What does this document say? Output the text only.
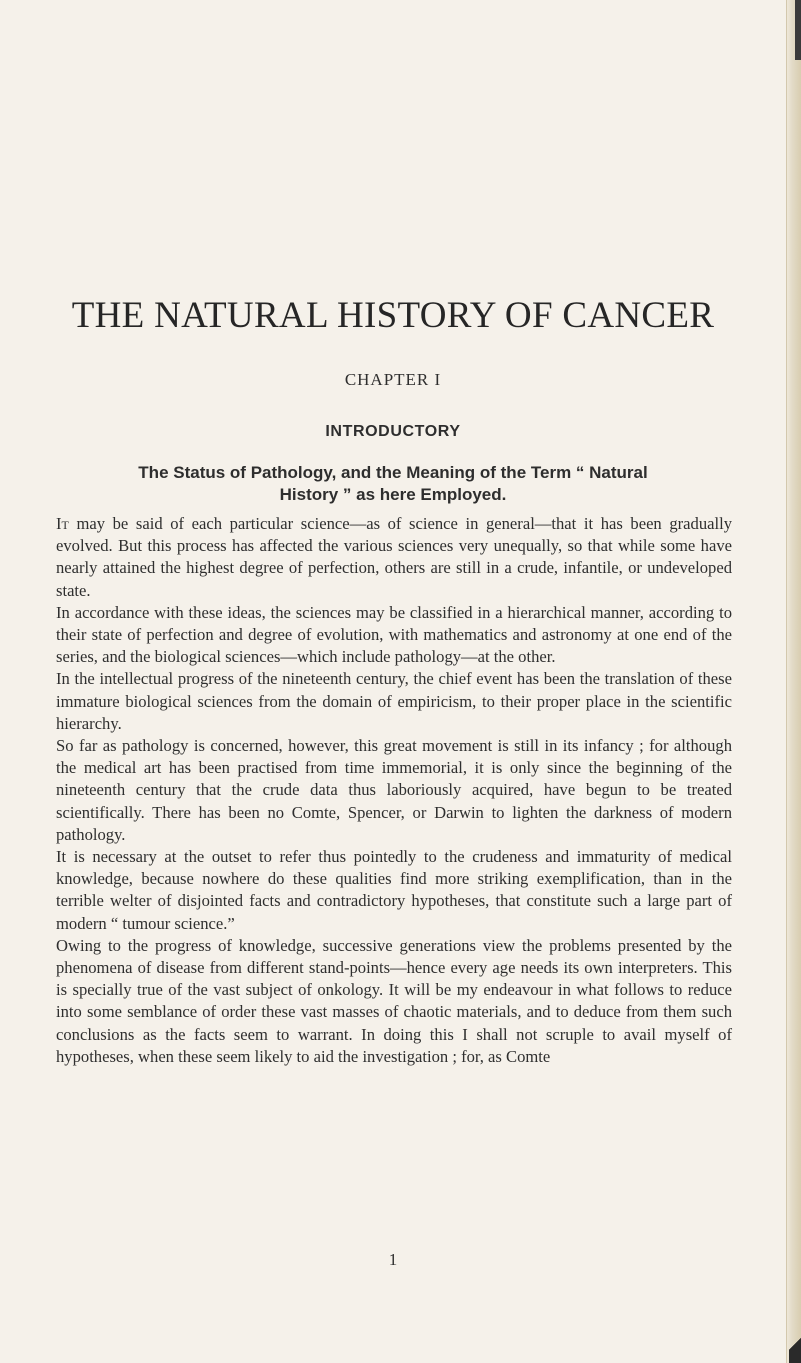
THE NATURAL HISTORY OF CANCER
CHAPTER I
INTRODUCTORY
The Status of Pathology, and the Meaning of the Term “ Natural History ” as here Employed.

It may be said of each particular science—as of science in general—that it has been gradually evolved. But this process has affected the various sciences very unequally, so that while some have nearly attained the highest degree of perfection, others are still in a crude, infantile, or undeveloped state.

In accordance with these ideas, the sciences may be classified in a hierarchical manner, according to their state of perfection and degree of evolution, with mathematics and astronomy at one end of the series, and the biological sciences—which include pathology—at the other.

In the intellectual progress of the nineteenth century, the chief event has been the translation of these immature biological sciences from the domain of empiricism, to their proper place in the scientific hierarchy.

So far as pathology is concerned, however, this great movement is still in its infancy ; for although the medical art has been practised from time immemorial, it is only since the beginning of the nineteenth century that the crude data thus laboriously acquired, have begun to be treated scientifically. There has been no Comte, Spencer, or Darwin to lighten the darkness of modern pathology.

It is necessary at the outset to refer thus pointedly to the crudeness and immaturity of medical knowledge, because nowhere do these qualities find more striking exemplification, than in the terrible welter of disjointed facts and contradictory hypotheses, that constitute such a large part of modern “ tumour science.”

Owing to the progress of knowledge, successive generations view the problems presented by the phenomena of disease from different stand-points—hence every age needs its own interpreters. This is specially true of the vast subject of onkology. It will be my endeavour in what follows to reduce into some semblance of order these vast masses of chaotic materials, and to deduce from them such conclusions as the facts seem to warrant. In doing this I shall not scruple to avail myself of hypotheses, when these seem likely to aid the investigation ; for, as Comte

1
